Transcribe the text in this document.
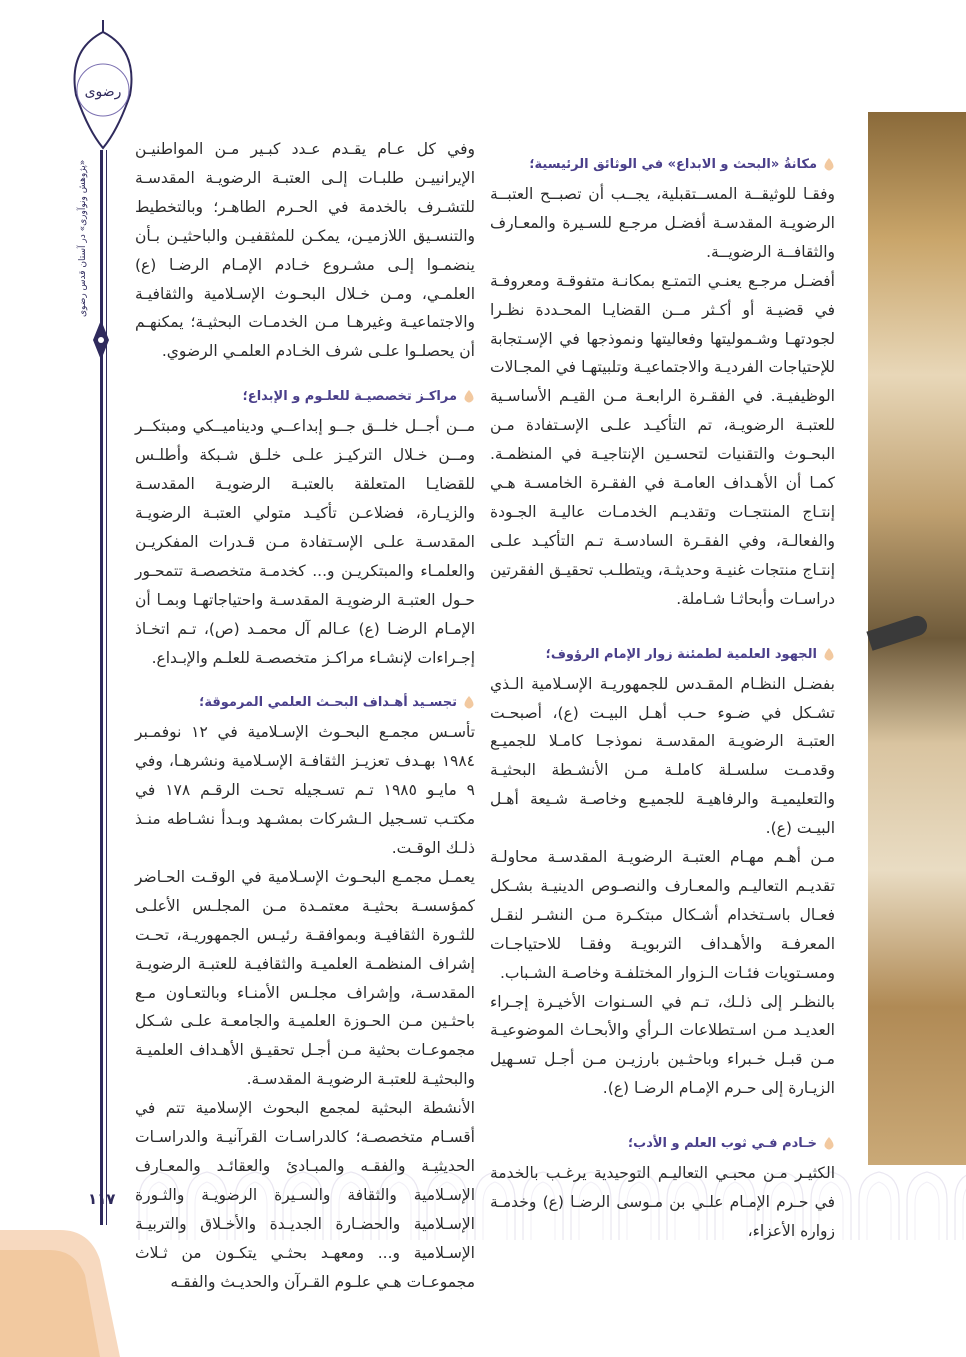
رضوی
«پژوهش ونوآوری» در آستان قدس رضوی
١١٧
مكانةُ «البحث و الابداع» في الوثائق الرئيسية؛

وفقـا للوثيقــة المســتقبلية، يجــب أن تصبــح العتبــة الرضويـة المقدسـة أفضـل مرجـع للسـيرة والمعـارف والثقافــة الرضويــة.

أفضـل مرجـع يعنـي التمتـع بمكانـة متفوقـة ومعروفـة في قضيـة أو أكـثر مــن القضايـا المحـددة نظـرا لجودتهـا وشـموليتها وفعاليتها ونموذجها في الإسـتجابة للإحتياجات الفرديـة والاجتماعيـة وتلبيتهـا في المجـالات الوظيفيـة. في الفقـرة الرابعـة مـن القيـم الأساسـية للعتبـة الرضويـة، تم التأكيـد علـى الإسـتفادة مـن البحـوث والتقنيات لتحسـين الإنتاجيـة في المنظمـة. كمـا أن الأهـداف العامـة في الفقـرة الخامسـة هـي إنتـاج المنتجـات وتقديـم الخدمـات عاليـة الجـودة والفعالـة، وفي الفقـرة السادسـة تـم التأكيـد علـى إنتـاج منتجات غنيـة وحديثـة، ويتطلـب تحقيـق الفقرتين دراسـات وأبحاثـا شـاملة.

الجهود العلمية لطمئنة زوار الإمام الرؤوف؛

بفضـل النظـام المقـدس للجمهوريـة الإسـلامية الـذي تشـكل في ضـوء حـب أهـل البيـت (ع)، أصبحـت العتبـة الرضويـة المقدسـة نموذجـا كامـلا للجميـع وقدمـت سلسـلة كاملـة مـن الأنشـطة البحثيـة والتعليميـة والرفاهيـة للجميـع وخاصـة شـيعة أهـل البيـت (ع).

مـن أهـم مهـام العتبـة الرضويـة المقدسـة محاولـة تقديـم التعاليـم والمعـارف والنصـوص الدينيـة بشـكل فعـال باسـتخدام أشـكال مبتكـرة مـن النشـر لنقـل المعرفـة والأهـداف التربويـة وفقـا للاحتياجـات ومسـتويات فئـات الـزوار المختلفـة وخاصـة الشـباب.

بالنظـر إلى ذلـك، تـم في السـنوات الأخيـرة إجـراء العديـد مـن اسـتطلاعات الـرأي والأبحـاث الموضوعيـة مـن قبـل خـبراء وباحثـين بارزيـن مـن أجـل تسـهيل الزيـارة إلى حـرم الإمـام الرضـا (ع).

خـادم فـي ثوب العلم و الأدب؛

الكثيـر مـن محبـي التعاليـم التوحيدية يرغـب بالخدمة في حـرم الإمـام علـي بن مـوسى الرضـا (ع) وخدمـة زواره الأعزاء،

وفي كل عـام يقـدم عـدد كبـير مـن المواطنيـن الإيرانييـن طلبـات إلـى العتبـة الرضويـة المقدسـة للتشـرف بالخدمة في الحـرم الطاهـر؛ وبالتخطيط والتنسـيق اللازميـن، يمكـن للمثقفيـن والباحثيـن بـأن ينضمـوا إلـى مشـروع خـادم الإمـام الرضـا (ع) العلمـي، ومـن خـلال البحـوث الإسـلامية والثقافيـة والاجتماعيـة وغيرهـا مـن الخدمـات البحثيـة؛ يمكنهـم أن يحصلـوا علـى شرف الخـادم العلمـي الرضوي.

مراكـز تخصصيـة للعلـوم و الإبداع؛

مــن أجــل خلــق جــو إبداعــي وديناميــكي ومبتكــر ومــن خـلال التركيـز علـى خلـق شـبكة وأطلـس للقضايـا المتعلقة بالعتبـة الرضويـة المقدسـة والزيـارة، فضلاعـن تأكيـد متولي العتبـة الرضويـة المقدسـة علـى الإسـتفادة مـن قـدرات المفكريـن والعلمـاء والمبتكريـن و... كخدمـة متخصصـة تتمحـور حـول العتبـة الرضويـة المقدسـة واحتياجاتهـا وبمـا أن الإمـام الرضـا (ع) عـالم آل محمـد (ص)، تـم اتخـاذ إجـراءات لإنشـاء مراكـز متخصصـة للعلـم والإبـداع.

تجسـيد أهـداف البحـث العلمي المرموقة؛

تأسـس مجمـع البحـوث الإسـلامية في ١٢ نوفمـبر ١٩٨٤ بهـدف تعزيـز الثقافـة الإسـلامية ونشرهـا، وفي ٩ مايـو ١٩٨٥ تـم تسـجيله تحـت الرقـم ١٧٨ في مكتـب تسـجيل الـشركات بمشـهد وبـدأ نشـاطه منـذ ذلـك الوقـت.

يعمـل مجمـع البحـوث الإسـلامية في الوقـت الحـاضر كمؤسسـة بحثيـة معتمـدة مـن المجلـس الأعلـى للثـورة الثقافيـة وبموافقـة رئيـس الجمهوريـة، تحـت إشراف المنظمـة العلميـة والثقافيـة للعتبـة الرضويـة المقدسـة، وإشراف مجلـس الأمنـاء وبالتعـاون مـع باحثـين مـن الحـوزة العلميـة والجامعـة علـى شـكل مجموعـات بحثية مـن أجـل تحقيـق الأهـداف العلميـة والبحثيـة للعتبـة الرضويـة المقدسـة.

الأنشطة البحثية لمجمع البحوث الإسلامية تتم في أقسـام متخصصـة؛ كالدراسـات القرآنيـة والدراسـات الحديثيـة والفقـه والمبـادئ والعقائـد والمعـارف الإسـلامية والثقافة والسـيرة الرضويـة والثـورة الإسـلامية والحضـارة الجديـدة والأخـلاق والتربيـة الإسـلامية و... ومعهـد بحثـي يتكـون من ثـلاث مجموعـات هـي علـوم القـرآن والحديـث والفقـه
